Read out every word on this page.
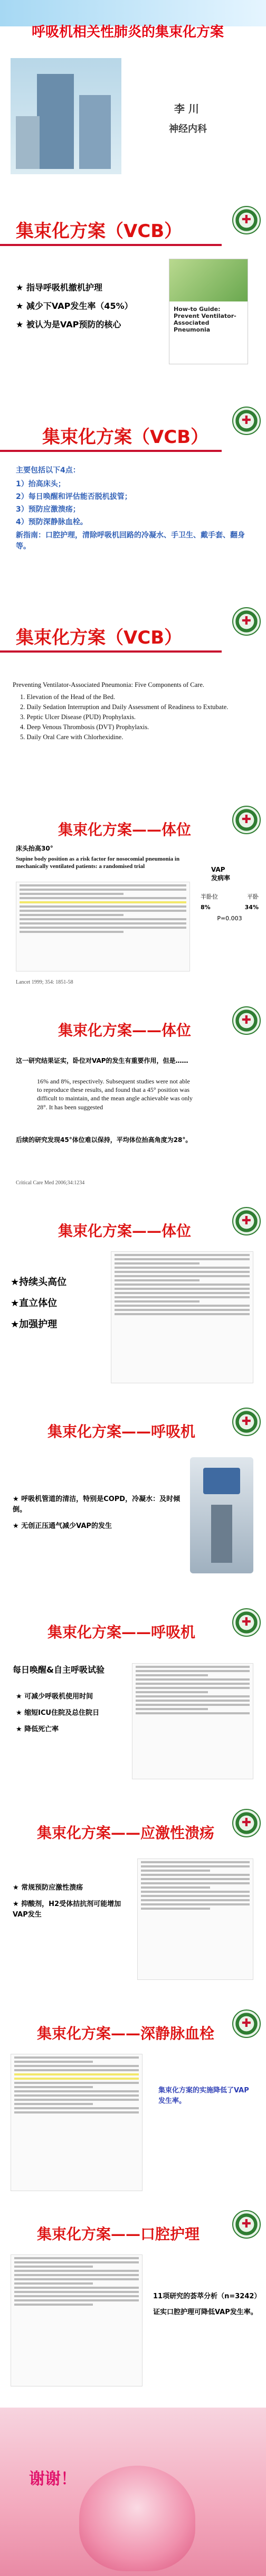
呼吸机相关性肺炎的集束化方案
李 川
神经内科
✚
集束化方案（VCB）
★ 指导呼吸机撤机护理
★ 减少下VAP发生率（45%）
★ 被认为是VAP预防的核心
How-to Guide:
Prevent Ventilator-
Associated Pneumonia
✚
集束化方案（VCB）
主要包括以下4点：
1）抬高床头；
2）每日唤醒和评估能否脱机拔管；
3）预防应激溃疡；
4）预防深静脉血栓。
新指南：口腔护理，清除呼吸机回路的冷凝水、手卫生、戴手套、翻身等。
✚
集束化方案（VCB）
Preventing Ventilator-Associated Pneumonia: Five Components of Care.
1. Elevation of the Head of the Bed.
2. Daily Sedation Interruption and Daily Assessment of Readiness to Extubate.
3. Peptic Ulcer Disease (PUD) Prophylaxis.
4. Deep Venous Thrombosis (DVT) Prophylaxis.
5. Daily Oral Care with Chlorhexidine.
✚
集束化方案——体位
床头抬高30°
Supine body position as a risk factor for nosocomial pneumonia in mechanically ventilated patients: a randomised trial	VAP
发病率
半卧位	平卧
8%	34%
P=0.003
Lancet 1999; 354: 1851-58
✚
集束化方案——体位
这一研究结果证实，卧位对VAP的发生有重要作用，但是……
16% and 8%, respectively. Subsequent studies were not able to reproduce these results, and found that a 45° position was difficult to maintain, and the mean angle achievable was only 28°. It has been suggested
后续的研究发现45°体位难以保持，平均体位抬高角度为28°。
Critical Care Med 2006;34:1234
✚
集束化方案——体位
★持续头高位
★直立体位
★加强护理
✚
集束化方案——呼吸机
★ 呼吸机管道的清洁，特别是COPD，冷凝水：及时倾倒。
★ 无创正压通气减少VAP的发生
✚
集束化方案——呼吸机
每日唤醒&自主呼吸试验
★ 可减少呼吸机使用时间
★ 缩短ICU住院及总住院日
★ 降低死亡率
✚
集束化方案——应激性溃疡
★ 常规预防应激性溃疡
★ 抑酸剂，H2受体拮抗剂可能增加VAP发生
✚
集束化方案——深静脉血栓
集束化方案的实施降低了VAP发生率。
✚
集束化方案——口腔护理
11项研究的荟萃分析（n=3242）
证实口腔护理可降低VAP发生率。
谢谢！
